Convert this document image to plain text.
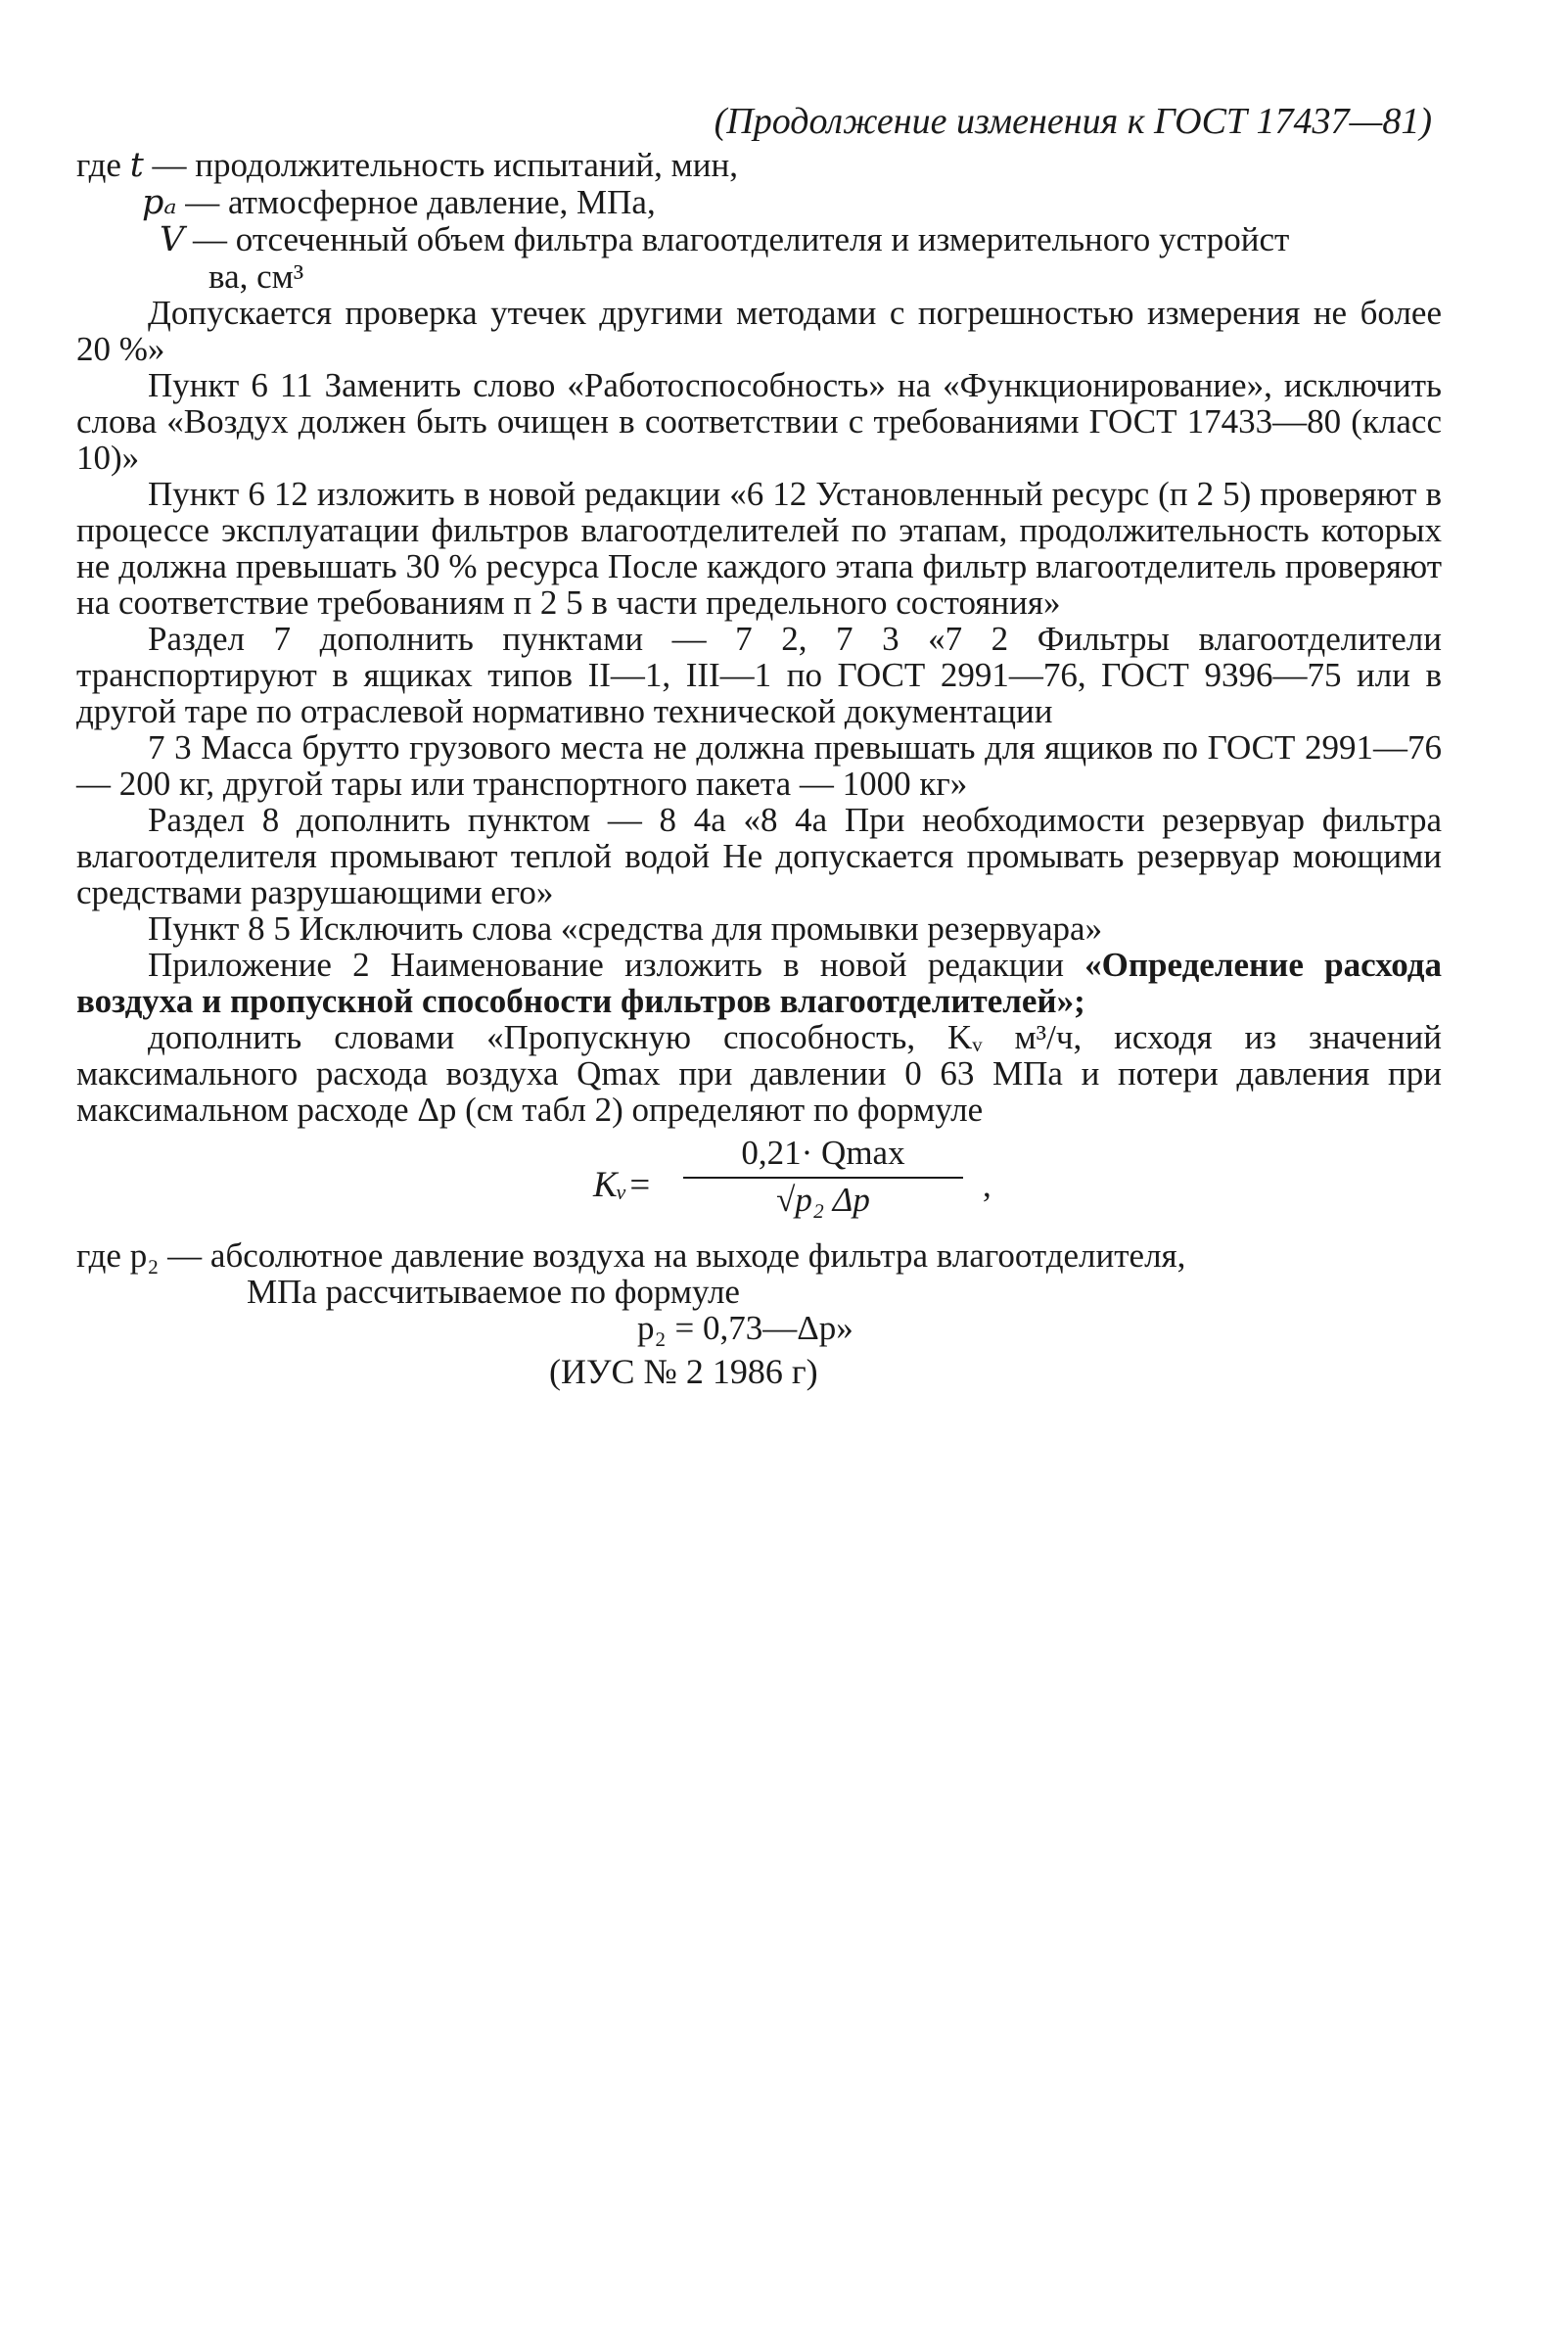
(Продолжение изменения к ГОСТ 17437—81)

где t — продолжительность испытаний, мин,

pₐ — атмосферное давление, МПа,

V — отсеченный объем фильтра влагоотделителя и измерительного устройст
ва, см³

Допускается проверка утечек другими методами с погрешностью измерения не более 20 %»

Пункт 6 11 Заменить слово «Работоспособность» на «Функционирование», исключить слова «Воздух должен быть очищен в соответствии с требованиями ГОСТ 17433—80 (класс 10)»

Пункт 6 12 изложить в новой редакции «6 12 Установленный ресурс (п 2 5) проверяют в процессе эксплуатации фильтров влагоотделителей по этапам, продолжительность которых не должна превышать 30 % ресурса После каждого этапа фильтр влагоотделитель проверяют на соответствие требованиям п 2 5 в части предельного состояния»

Раздел 7 дополнить пунктами — 7 2, 7 3 «7 2 Фильтры влагоотделители транспортируют в ящиках типов II—1, III—1 по ГОСТ 2991—76, ГОСТ 9396—75 или в другой таре по отраслевой нормативно технической документации

7 3 Масса брутто грузового места не должна превышать для ящиков по ГОСТ 2991—76 — 200 кг, другой тары или транспортного пакета — 1000 кг»

Раздел 8 дополнить пунктом — 8 4а «8 4а При необходимости резервуар фильтра влагоотделителя промывают теплой водой Не допускается промывать резервуар моющими средствами разрушающими его»

Пункт 8 5 Исключить слова «средства для промывки резервуара»

Приложение 2 Наименование изложить в новой редакции «Определение расхода воздуха и пропускной способности фильтров влагоотделителей»;

дополнить словами «Пропускную способность, Kᵥ м³/ч, исходя из значений максимального расхода воздуха Qmax при давлении 0 63 МПа и потери давления при максимальном расходе Δp (см табл 2) определяют по формуле

Kᵥ=
0,21· Qmax
√p₂ Δp	,

где p₂ — абсолютное давление воздуха на выходе фильтра влагоотделителя,
МПа рассчитываемое по формуле

p₂ = 0,73—Δp»

(ИУС № 2 1986 г)
